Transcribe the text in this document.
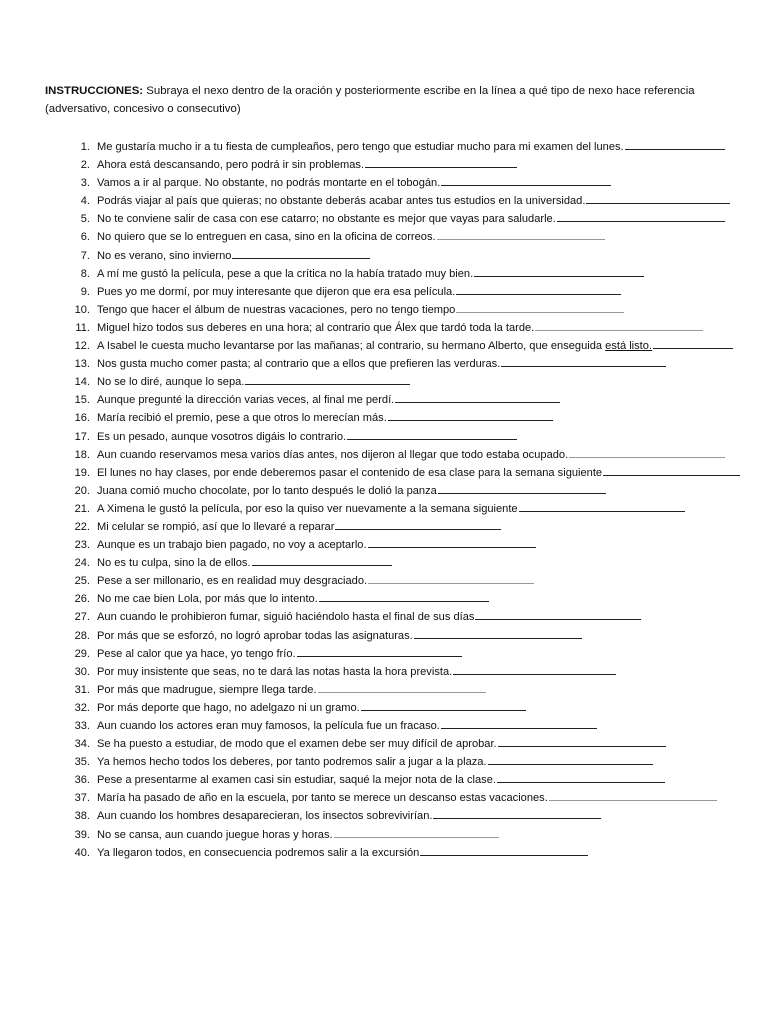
INSTRUCCIONES: Subraya el nexo dentro de la oración y posteriormente escribe en la línea a qué tipo de nexo hace referencia (adversativo, concesivo o consecutivo)
1. Me gustaría mucho ir a tu fiesta de cumpleaños, pero tengo que estudiar mucho para mi examen del lunes.
2. Ahora está descansando, pero podrá ir sin problemas.
3. Vamos a ir al parque. No obstante, no podrás montarte en el tobogán.
4. Podrás viajar al país que quieras; no obstante deberás acabar antes tus estudios en la universidad.
5. No te conviene salir de casa con ese catarro; no obstante es mejor que vayas para saludarle.
6. No quiero que se lo entreguen en casa, sino en la oficina de correos.
7. No es verano, sino invierno
8. A mí me gustó la película, pese a que la crítica no la había tratado muy bien.
9. Pues yo me dormí, por muy interesante que dijeron que era esa película.
10. Tengo que hacer el álbum de nuestras vacaciones, pero no tengo tiempo
11. Miguel hizo todos sus deberes en una hora; al contrario que Álex que tardó toda la tarde.
12. A Isabel le cuesta mucho levantarse por las mañanas; al contrario, su hermano Alberto, que enseguida está listo.
13. Nos gusta mucho comer pasta; al contrario que a ellos que prefieren las verduras.
14. No se lo diré, aunque lo sepa.
15. Aunque pregunté la dirección varias veces, al final me perdí.
16. María recibió el premio, pese a que otros lo merecían más.
17. Es un pesado, aunque vosotros digáis lo contrario.
18. Aun cuando reservamos mesa varios días antes, nos dijeron al llegar que todo estaba ocupado.
19. El lunes no hay clases, por ende deberemos pasar el contenido de esa clase para la semana siguiente
20. Juana comió mucho chocolate, por lo tanto después le dolió la panza
21. A Ximena le gustó la película, por eso la quiso ver nuevamente a la semana siguiente
22. Mi celular se rompió, así que lo llevaré a reparar
23. Aunque es un trabajo bien pagado, no voy a aceptarlo.
24. No es tu culpa, sino la de ellos.
25. Pese a ser millonario, es en realidad muy desgraciado.
26. No me cae bien Lola, por más que lo intento.
27. Aun cuando le prohibieron fumar, siguió haciéndolo hasta el final de sus días
28. Por más que se esforzó, no logró aprobar todas las asignaturas.
29. Pese al calor que ya hace, yo tengo frío.
30. Por muy insistente que seas, no te dará las notas hasta la hora prevista.
31. Por más que madrugue, siempre llega tarde.
32. Por más deporte que hago, no adelgazo ni un gramo.
33. Aun cuando los actores eran muy famosos, la película fue un fracaso.
34. Se ha puesto a estudiar, de modo que el examen debe ser muy difícil de aprobar.
35. Ya hemos hecho todos los deberes, por tanto podremos salir a jugar a la plaza.
36. Pese a presentarme al examen casi sin estudiar, saqué la mejor nota de la clase.
37. María ha pasado de año en la escuela, por tanto se merece un descanso estas vacaciones.
38. Aun cuando los hombres desaparecieran, los insectos sobrevivirían.
39. No se cansa, aun cuando juegue horas y horas.
40. Ya llegaron todos, en consecuencia podremos salir a la excursión
